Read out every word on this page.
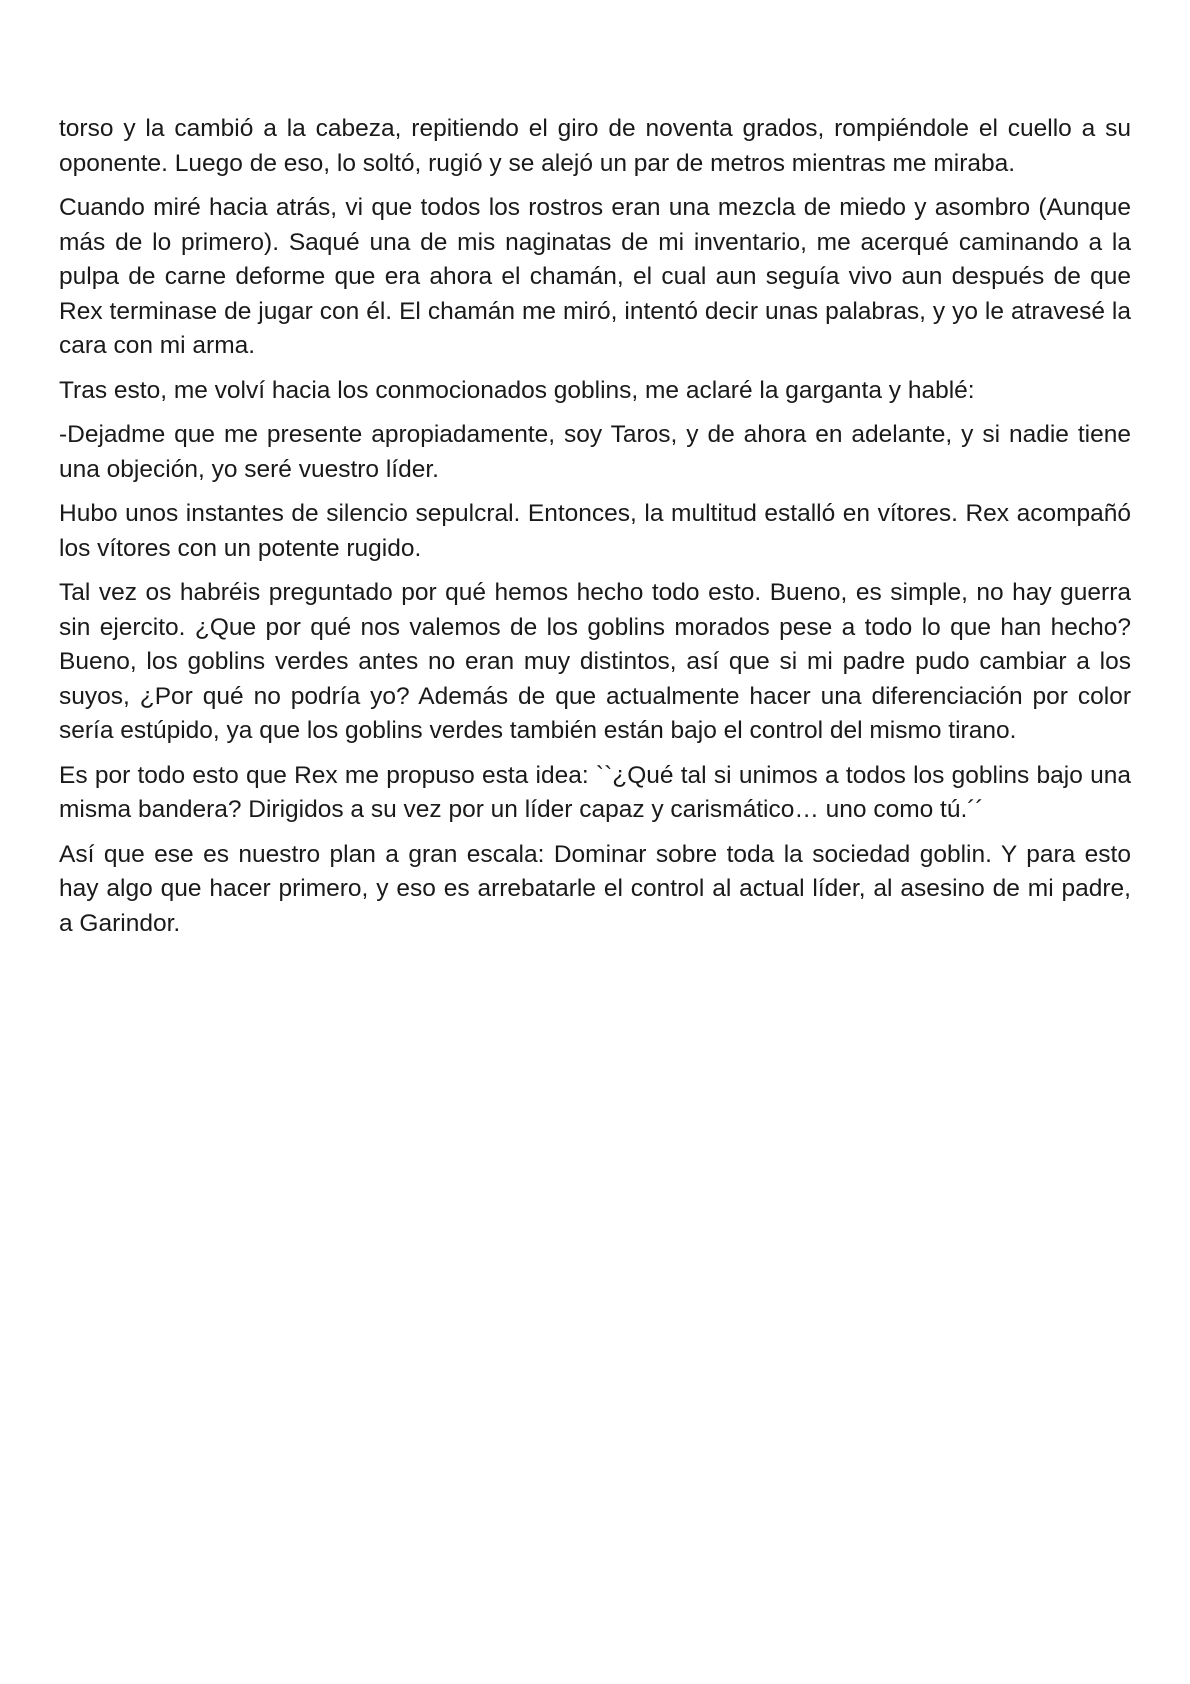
torso y la cambió a la cabeza, repitiendo el giro de noventa grados, rompiéndole el cuello a su oponente. Luego de eso, lo soltó, rugió y se alejó un par de metros mientras me miraba.

Cuando miré hacia atrás, vi que todos los rostros eran una mezcla de miedo y asombro (Aunque más de lo primero). Saqué una de mis naginatas de mi inventario, me acerqué caminando a la pulpa de carne deforme que era ahora el chamán, el cual aun seguía vivo aun después de que Rex terminase de jugar con él. El chamán me miró, intentó decir unas palabras, y yo le atravesé la cara con mi arma.

Tras esto, me volví hacia los conmocionados goblins, me aclaré la garganta y hablé:

-Dejadme que me presente apropiadamente, soy Taros, y de ahora en adelante, y si nadie tiene una objeción, yo seré vuestro líder.

Hubo unos instantes de silencio sepulcral. Entonces, la multitud estalló en vítores. Rex acompañó los vítores con un potente rugido.

Tal vez os habréis preguntado por qué hemos hecho todo esto. Bueno, es simple, no hay guerra sin ejercito. ¿Que por qué nos valemos de los goblins morados pese a todo lo que han hecho? Bueno, los goblins verdes antes no eran muy distintos, así que si mi padre pudo cambiar a los suyos, ¿Por qué no podría yo? Además de que actualmente hacer una diferenciación por color sería estúpido, ya que los goblins verdes también están bajo el control del mismo tirano.

Es por todo esto que Rex me propuso esta idea: ``¿Qué tal si unimos a todos los goblins bajo una misma bandera? Dirigidos a su vez por un líder capaz y carismático… uno como tú.´´

Así que ese es nuestro plan a gran escala: Dominar sobre toda la sociedad goblin. Y para esto hay algo que hacer primero, y eso es arrebatarle el control al actual líder, al asesino de mi padre, a Garindor.
